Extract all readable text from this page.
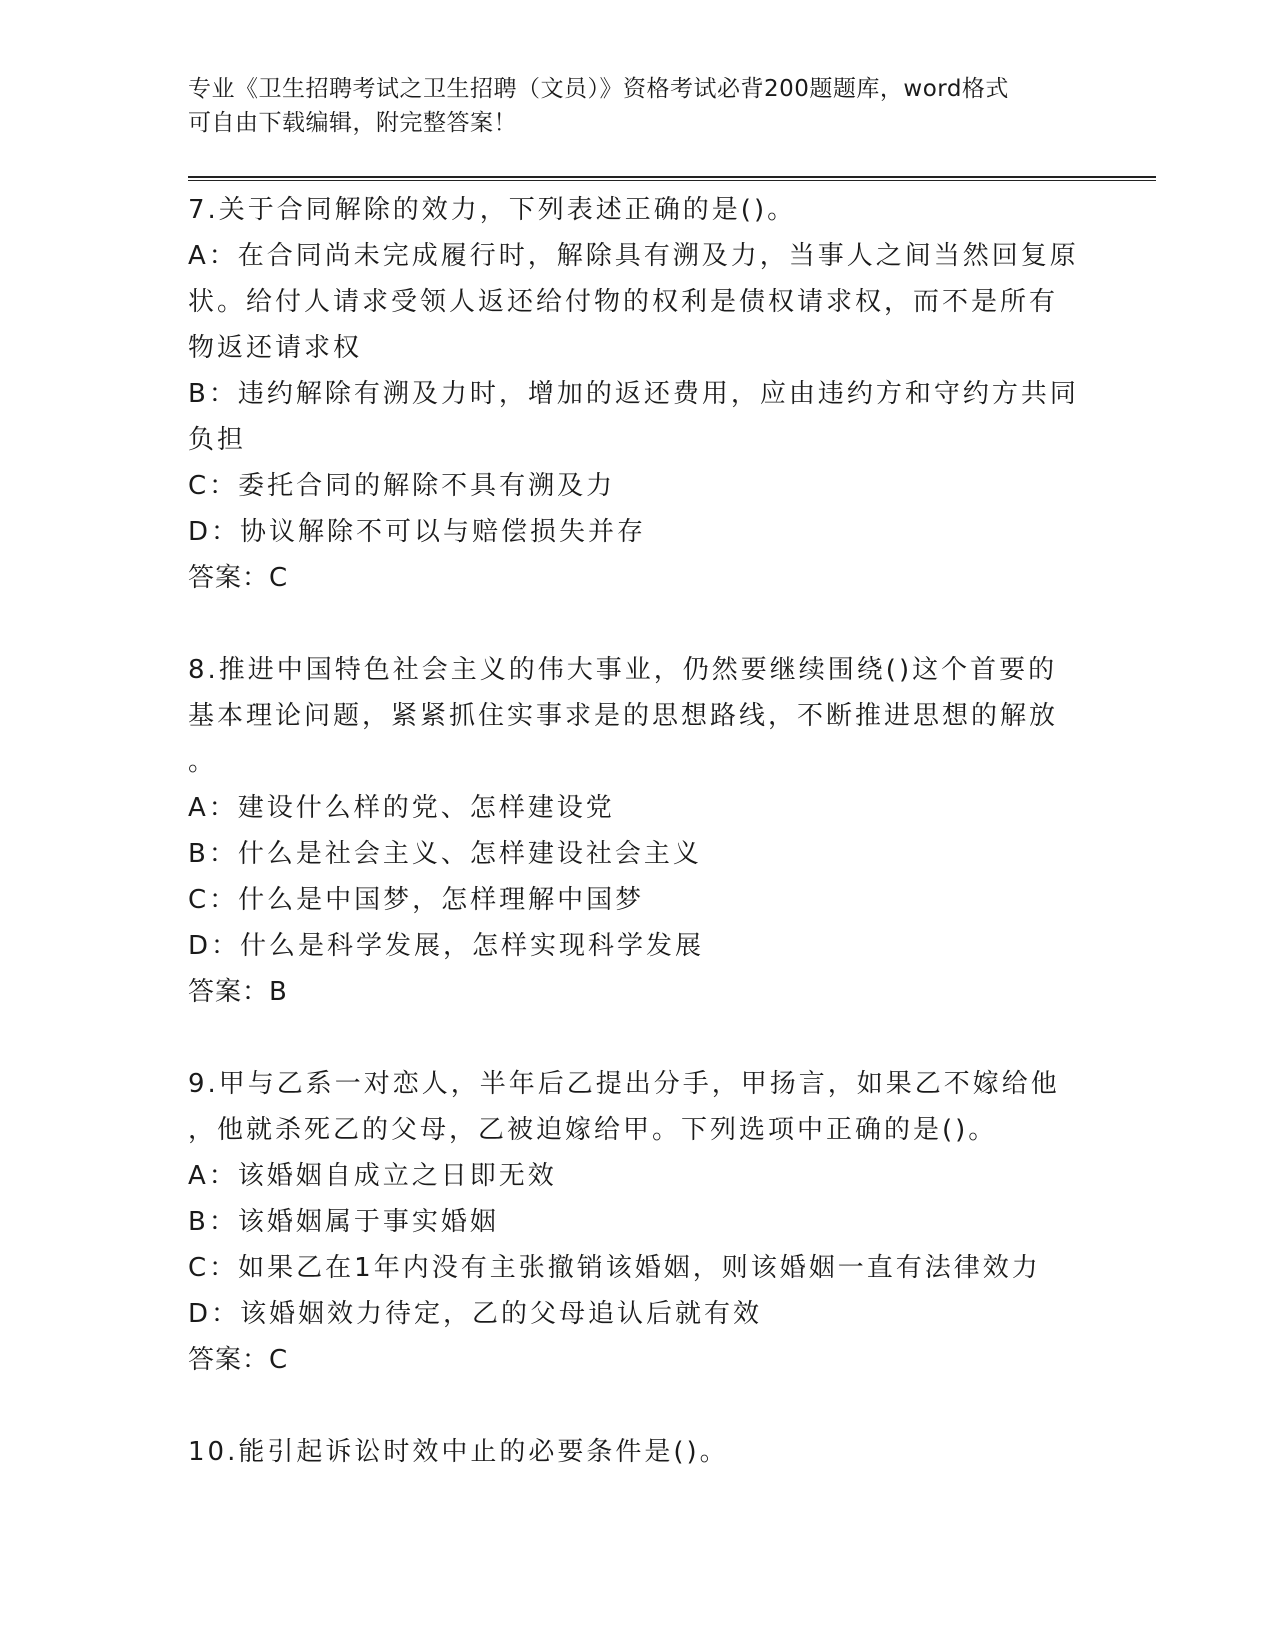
专业《卫生招聘考试之卫生招聘（文员）》资格考试必背200题题库，word格式
可自由下载编辑，附完整答案！
7.关于合同解除的效力，下列表述正确的是()。
A：在合同尚未完成履行时，解除具有溯及力，当事人之间当然回复原
状。给付人请求受领人返还给付物的权利是债权请求权，而不是所有
物返还请求权
B：违约解除有溯及力时，增加的返还费用，应由违约方和守约方共同
负担
C：委托合同的解除不具有溯及力
D：协议解除不可以与赔偿损失并存
答案：C
8.推进中国特色社会主义的伟大事业，仍然要继续围绕()这个首要的
基本理论问题，紧紧抓住实事求是的思想路线，不断推进思想的解放
。
A：建设什么样的党、怎样建设党
B：什么是社会主义、怎样建设社会主义
C：什么是中国梦，怎样理解中国梦
D：什么是科学发展，怎样实现科学发展
答案：B
9.甲与乙系一对恋人，半年后乙提出分手，甲扬言，如果乙不嫁给他
，他就杀死乙的父母，乙被迫嫁给甲。下列选项中正确的是()。
A：该婚姻自成立之日即无效
B：该婚姻属于事实婚姻
C：如果乙在1年内没有主张撤销该婚姻，则该婚姻一直有法律效力
D：该婚姻效力待定，乙的父母追认后就有效
答案：C
10.能引起诉讼时效中止的必要条件是()。
